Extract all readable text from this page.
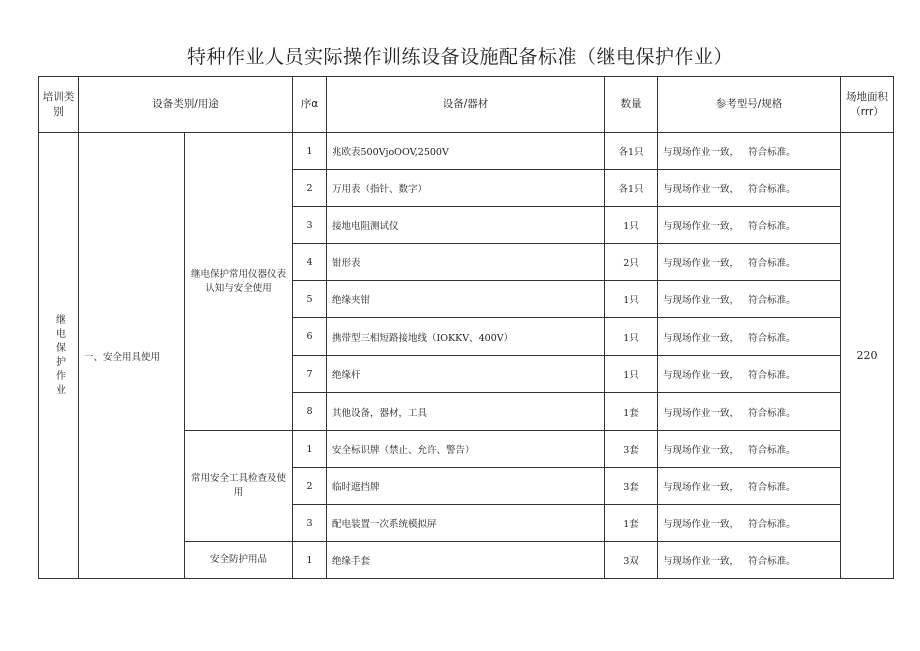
特种作业人员实际操作训练设备设施配备标准（继电保护作业）
培训类别	设备类别/用途		序α	设备/器材	数量	参考型号/规格	场地面积（rrr）
继电保护作业	一、安全用具使用	继电保护常用仪器仪表认知与安全使用	1	兆欧表500VjoOOV,2500V	各1只	与现场作业一致，   符合标准。	220
			2	万用表（指针、数字）	各1只	与现场作业一致，   符合标准。	
			3	接地电阻测试仪	1只	与现场作业一致，   符合标准。	
			4	钳形表	2只	与现场作业一致，   符合标准。	
			5	绝缘夹钳	1只	与现场作业一致，   符合标准。	
			6	携带型三相短路接地线（IOKKV、400V）	1只	与现场作业一致，   符合标准。	
			7	绝缘杆	1只	与现场作业一致，   符合标准。	
			8	其他设备，器材，工具	1套	与现场作业一致，   符合标准。	
		常用安全工具检查及使用	1	安全标识牌（禁止、允许、警告）	3套	与现场作业一致，   符合标准。	
			2	临时遮挡牌	3套	与现场作业一致，   符合标准。	
			3	配电装置一次系统模拟屏	1套	与现场作业一致，   符合标准。	
		安全防护用品	1	绝缘手套	3双	与现场作业一致，   符合标准。	
